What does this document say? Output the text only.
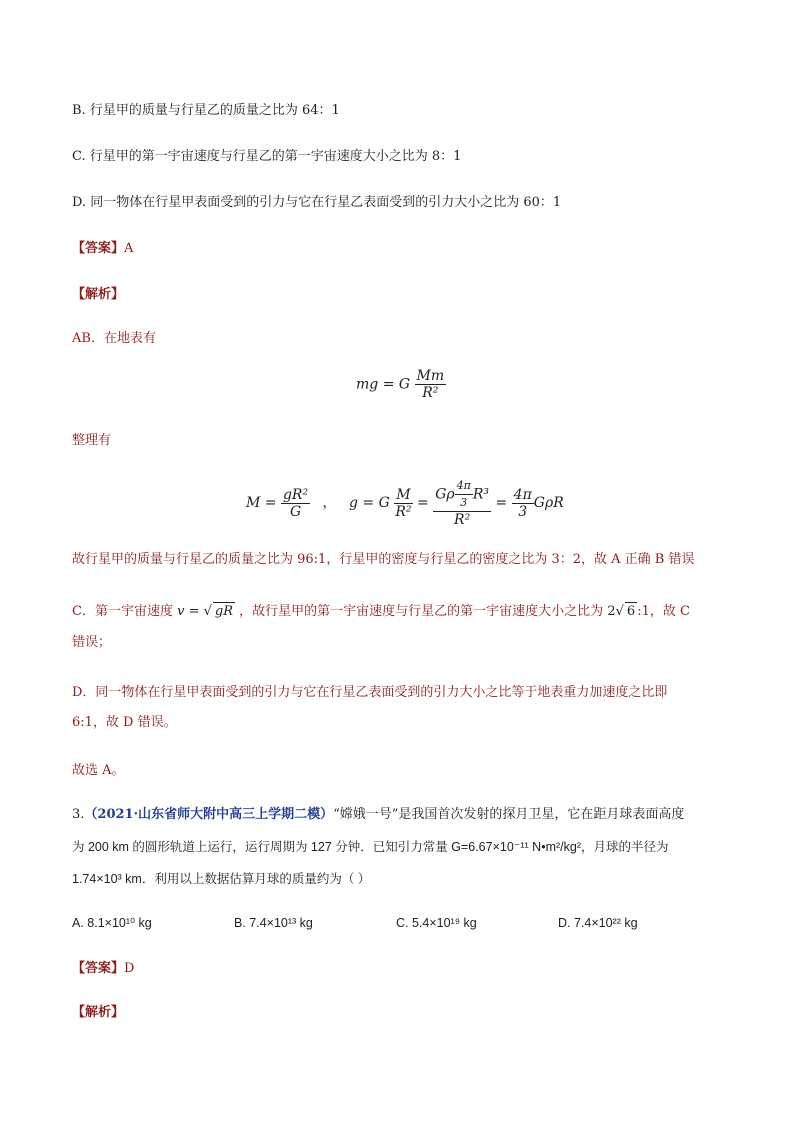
B. 行星甲的质量与行星乙的质量之比为 64：1
C. 行星甲的第一宇宙速度与行星乙的第一宇宙速度大小之比为 8：1
D. 同一物体在行星甲表面受到的引力与它在行星乙表面受到的引力大小之比为 60：1
【答案】A
【解析】
AB．在地表有
mg = G $\frac{Mm}{\text{R²}}$
整理有
$M = \frac{\text{gR²}}{G}$ ， g = G $\frac{M}{\text{R²}} = \frac{G\rho \frac{4\pi}{3} R^3}{\text{R²}} = \frac{4\pi}{3}$ GρR
故行星甲的质量与行星乙的质量之比为 96:1，行星甲的密度与行星乙的密度之比为 3：2，故 A 正确 B 错误
C．第一宇宙速度 v = √ gR ，故行星甲的第一宇宙速度与行星乙的第一宇宙速度大小之比为 2√ 6 :1，故 C
错误；
D．同一物体在行星甲表面受到的引力与它在行星乙表面受到的引力大小之比等于地表重力加速度之比即
6:1，故 D 错误。
故选 A。
3.（2021·山东省师大附中高三上学期二模）“嫦娥一号”是我国首次发射的探月卫星，它在距月球表面高度
为 200 km 的圆形轨道上运行，运行周期为 127 分钟．已知引力常量 G=6.67×10⁻¹¹ N•m²/kg²，月球的半径为
1.74×10³ km．利用以上数据估算月球的质量约为（ ）
A. 8.1×10¹⁰ kg	B. 7.4×10¹³ kg	C. 5.4×10¹⁹ kg	D. 7.4×10²² kg
【答案】D
【解析】
